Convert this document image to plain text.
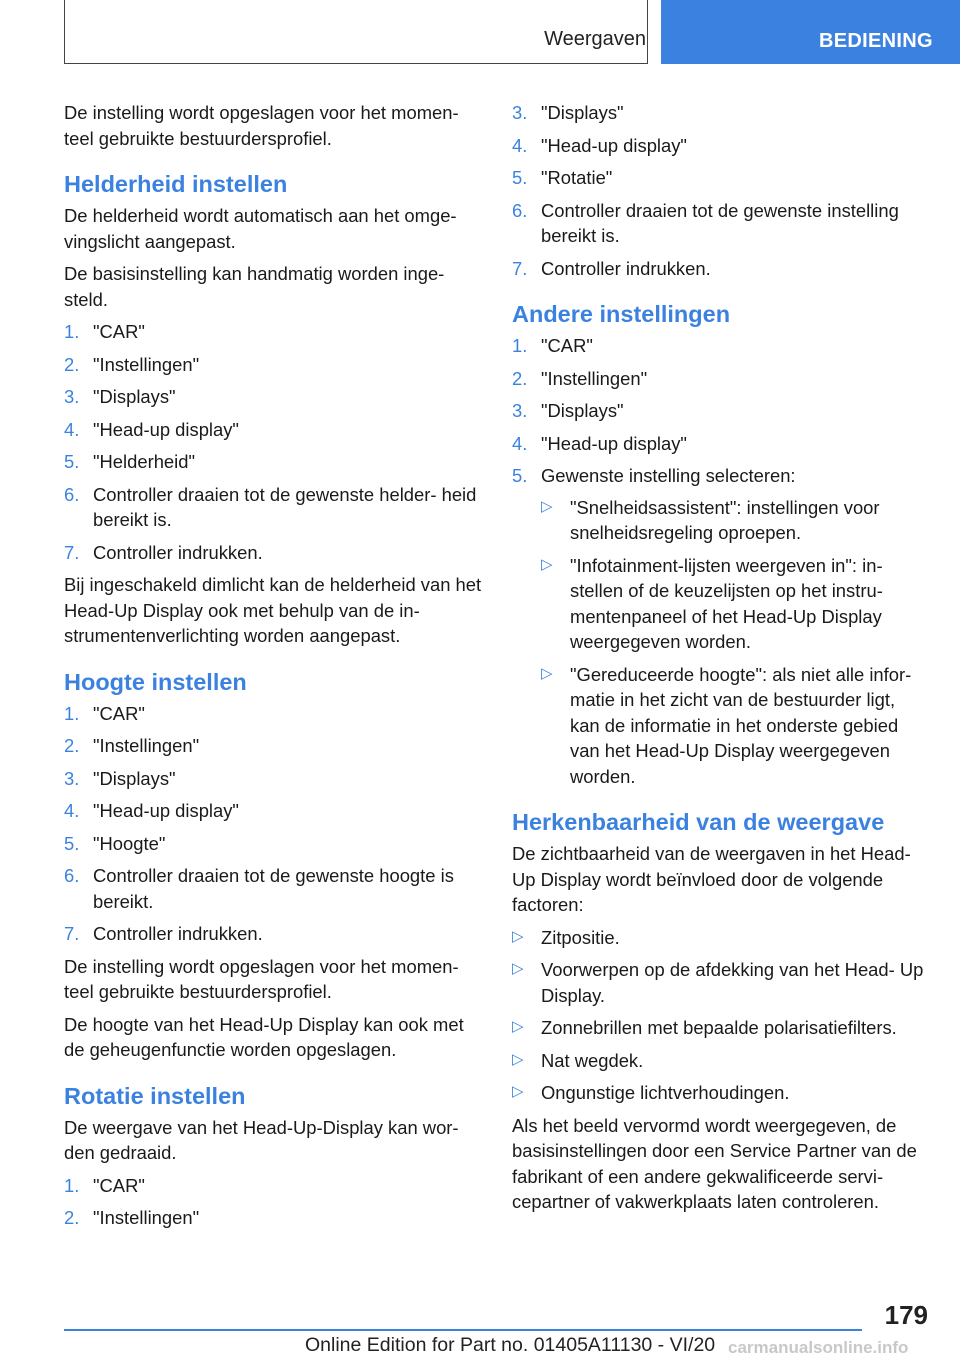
Weergaven	BEDIENING

De instelling wordt opgeslagen voor het momen- teel gebruikte bestuurdersprofiel.

Helderheid instellen

De helderheid wordt automatisch aan het omge- vingslicht aangepast.

De basisinstelling kan handmatig worden inge- steld.

1. "CAR"
2. "Instellingen"
3. "Displays"
4. "Head-up display"
5. "Helderheid"
6. Controller draaien tot de gewenste helder- heid bereikt is.
7. Controller indrukken.

Bij ingeschakeld dimlicht kan de helderheid van het Head-Up Display ook met behulp van de in- strumentenverlichting worden aangepast.

Hoogte instellen
1. "CAR"
2. "Instellingen"
3. "Displays"
4. "Head-up display"
5. "Hoogte"
6. Controller draaien tot de gewenste hoogte is bereikt.
7. Controller indrukken.

De instelling wordt opgeslagen voor het momen- teel gebruikte bestuurdersprofiel.

De hoogte van het Head-Up Display kan ook met de geheugenfunctie worden opgeslagen.

Rotatie instellen

De weergave van het Head-Up-Display kan wor- den gedraaid.

1. "CAR"
2. "Instellingen"
3. "Displays"
4. "Head-up display"
5. "Rotatie"
6. Controller draaien tot de gewenste instelling bereikt is.
7. Controller indrukken.
Andere instellingen
1. "CAR"
2. "Instellingen"
3. "Displays"
4. "Head-up display"
5. Gewenste instelling selecteren:
▷ "Snelheidsassistent": instellingen voor snelheidsregeling oproepen.
▷ "Infotainment-lijsten weergeven in": in- stellen of de keuzelijsten op het instru- mentenpaneel of het Head-Up Display weergegeven worden.
▷ "Gereduceerde hoogte": als niet alle infor- matie in het zicht van de bestuurder ligt, kan de informatie in het onderste gebied van het Head-Up Display weergegeven worden.
Herkenbaarheid van de weergave

De zichtbaarheid van de weergaven in het Head- Up Display wordt beïnvloed door de volgende factoren:

▷ Zitpositie.
▷ Voorwerpen op de afdekking van het Head- Up Display.
▷ Zonnebrillen met bepaalde polarisatiefilters.
▷ Nat wegdek.
▷ Ongunstige lichtverhoudingen.

Als het beeld vervormd wordt weergegeven, de basisinstellingen door een Service Partner van de fabrikant of een andere gekwalificeerde servi- cepartner of vakwerkplaats laten controleren.

179
Online Edition for Part no. 01405A11130 - VI/20 carmanualsonline.info
